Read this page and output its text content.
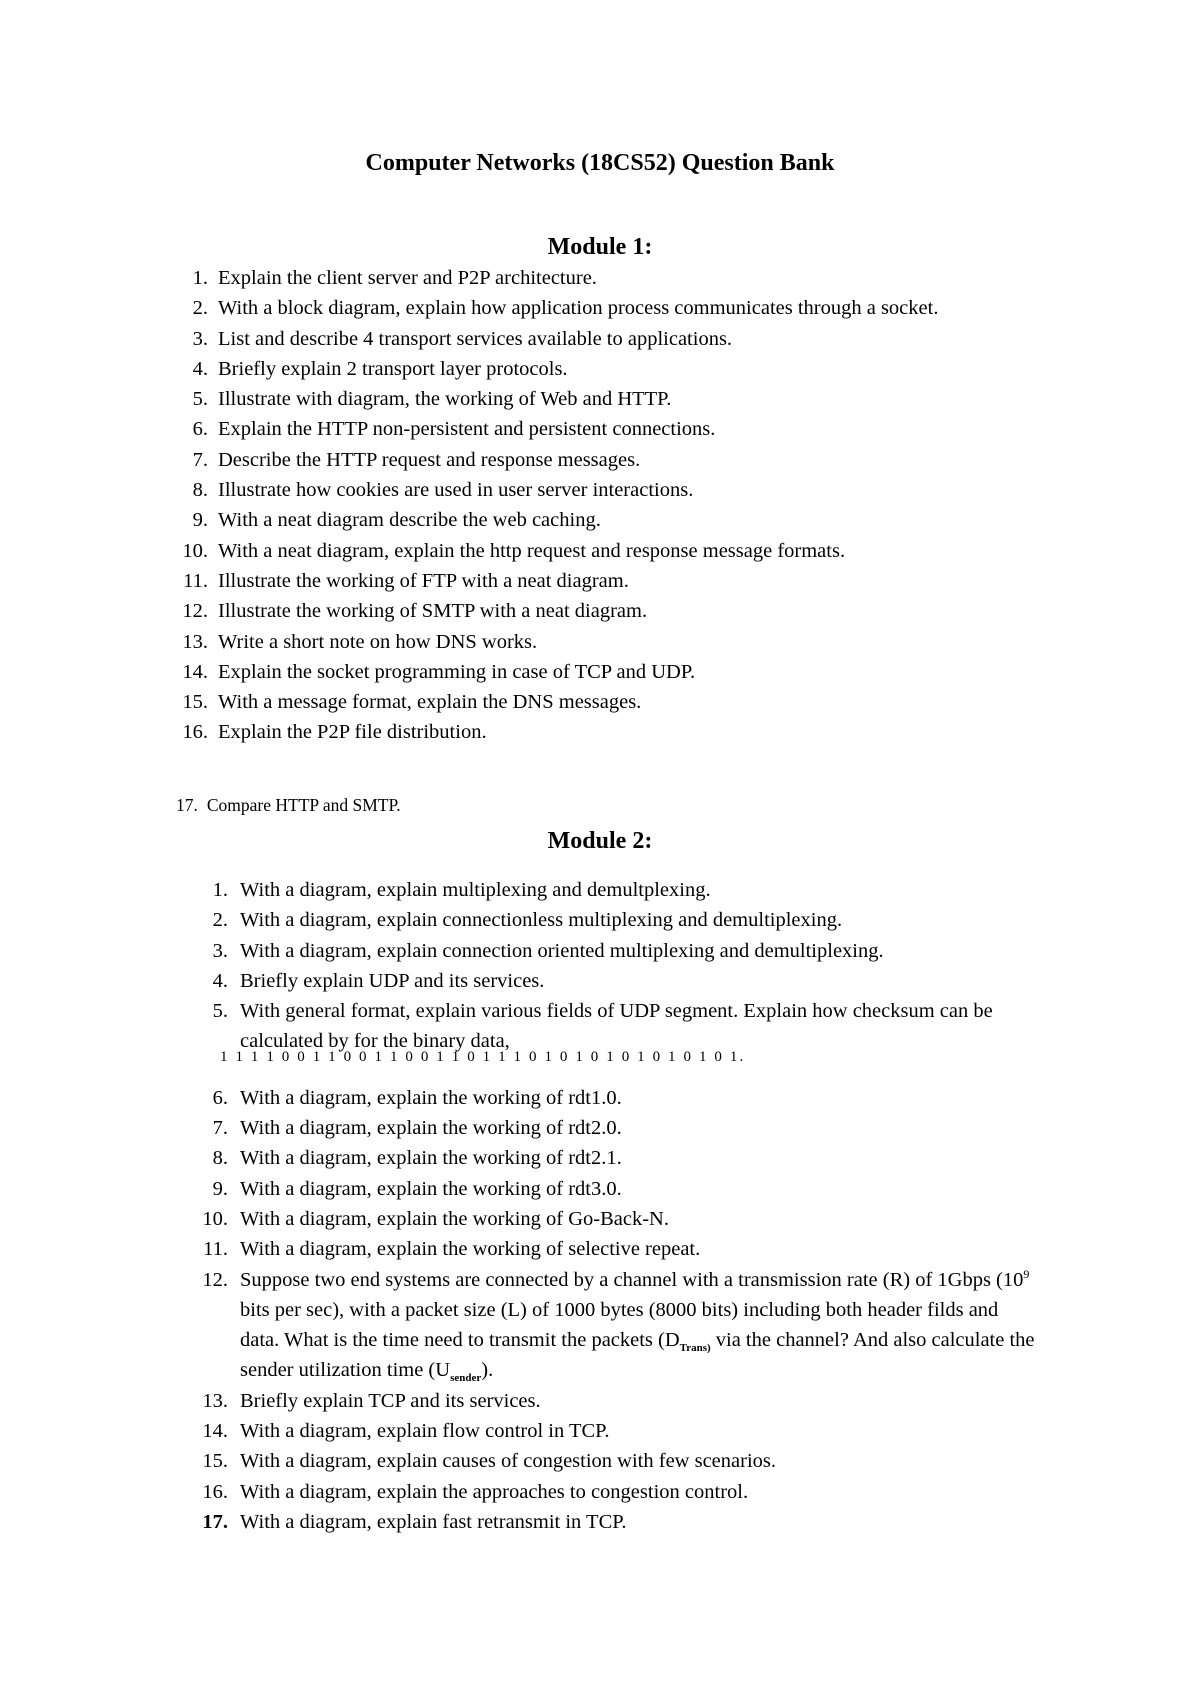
Computer Networks (18CS52) Question Bank
Module 1:
1. Explain the client server and P2P architecture.
2. With a block diagram, explain how application process communicates through a socket.
3. List and describe 4 transport services available to applications.
4. Briefly explain 2 transport layer protocols.
5. Illustrate with diagram, the working of Web and HTTP.
6. Explain the HTTP non-persistent and persistent connections.
7. Describe the HTTP request and response messages.
8. Illustrate how cookies are used in user server interactions.
9. With a neat diagram describe the web caching.
10. With a neat diagram, explain the http request and response message formats.
11. Illustrate the working of FTP with a neat diagram.
12. Illustrate the working of SMTP with a neat diagram.
13. Write a short note on how DNS works.
14. Explain the socket programming in case of TCP and UDP.
15. With a message format, explain the DNS messages.
16. Explain the P2P file distribution.
17. Compare HTTP and SMTP.
Module 2:
1. With a diagram, explain multiplexing and demultplexing.
2. With a diagram, explain connectionless multiplexing and demultiplexing.
3. With a diagram, explain connection oriented multiplexing and demultiplexing.
4. Briefly explain UDP and its services.
5. With general format, explain various fields of UDP segment. Explain how checksum can be calculated by for the binary data,
6. With a diagram, explain the working of rdt1.0.
7. With a diagram, explain the working of rdt2.0.
8. With a diagram, explain the working of rdt2.1.
9. With a diagram, explain the working of rdt3.0.
10. With a diagram, explain the working of Go-Back-N.
11. With a diagram, explain the working of selective repeat.
12. Suppose two end systems are connected by a channel with a transmission rate (R) of 1Gbps ($10^9$ bits per sec), with a packet size (L) of 1000 bytes (8000 bits) including both header filds and data. What is the time need to transmit the packets ($D_{Trans)}$ via the channel? And also calculate the sender utilization time $(U_{sender})$.
13. Briefly explain TCP and its services.
14. With a diagram, explain flow control in TCP.
15. With a diagram, explain causes of congestion with few scenarios.
16. With a diagram, explain the approaches to congestion control.
17. With a diagram, explain fast retransmit in TCP.
1 1 1 1 0 0 1 1 0 0 1 1 0 0 1 1 0 1 1 1 0 1 0 1 0 1 0 1 0 1 0 1 0 1.
